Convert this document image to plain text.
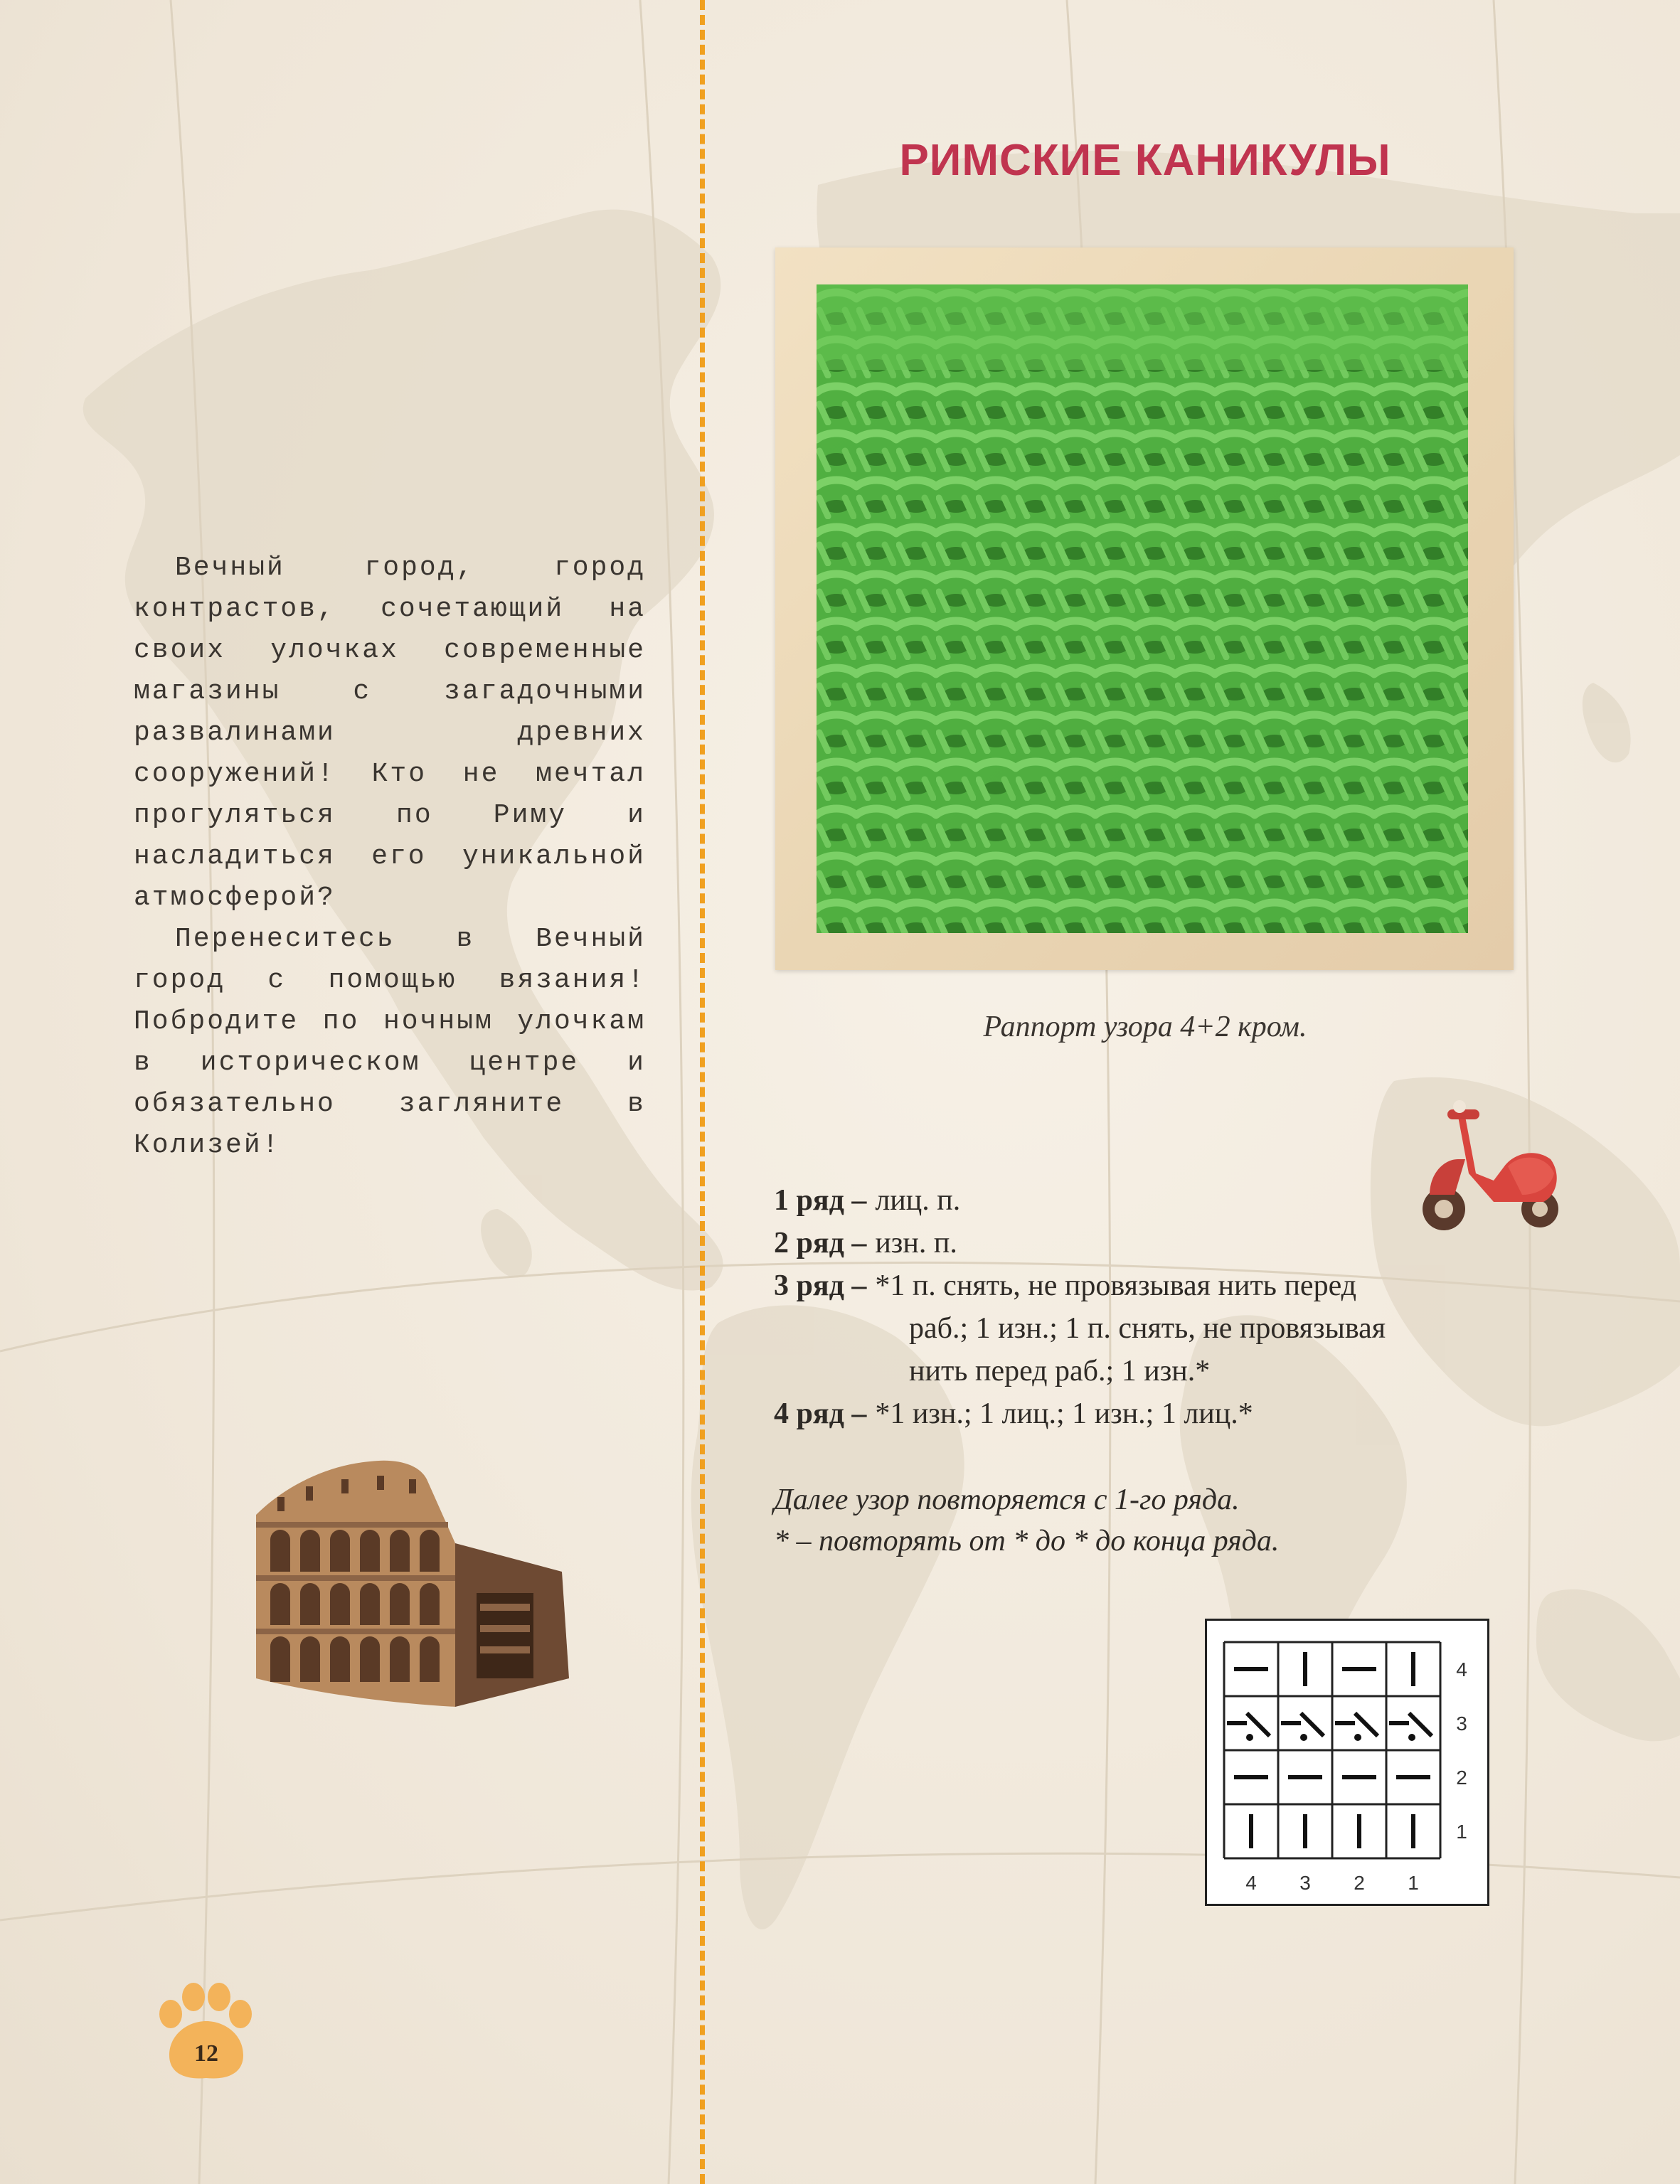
Вечный город, город контрастов, сочетающий на своих улочках современные магазины с загадочными развалинами древних сооружений! Кто не мечтал прогуляться по Риму и насладиться его уникальной атмосферой?

Перенеситесь в Вечный город с помощью вязания! Побродите по ночным улочкам в историческом центре и обязательно загляните в Колизей!

РИМСКИЕ КАНИКУЛЫ
Раппорт узора 4+2 кром.
1 ряд – лиц. п.
2 ряд – изн. п.
3 ряд – *1 п. снять, не провязывая нить перед
раб.; 1 изн.; 1 п. снять, не провязывая
нить перед раб.; 1 изн.*
4 ряд – *1 изн.; 1 лиц.; 1 изн.; 1 лиц.*
Далее узор повторяется с 1-го ряда.
* – повторять от * до * до конца ряда.
4
3
2
1
4 3 2 1
12
